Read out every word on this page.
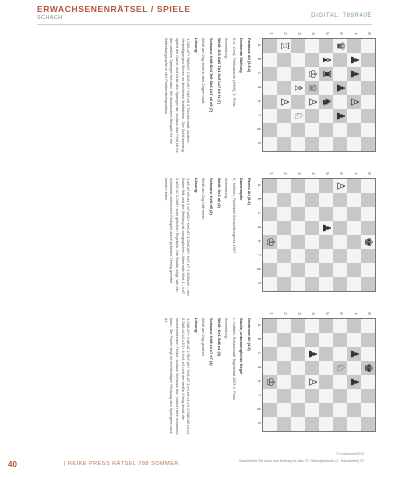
ERWACHSENENRÄTSEL / SPIELE
SCHACH	DIGITAL: 789R40E
8
7
6
5
4
3
2
1
♟
♟
♙
♛
♟
♟
♝
♜
♞
♔
♕
♙
♗
♘
♖
♙
a
b
c
d
e
f
g
h

Fantasie Ah (9.5.2)

Drohende Stellung

E.U. Cecil, Fehlvariante (1900), 2. Preis

Anmerkung:

Weiß: Kf1 Dd6 Tb4 Sc5 Lc7 b3 f4 (7)

Schwarz: Kd8 Dh4 Te8 Sb6 Lb7 c6 e5 (7)

Weiß am Zug setzt in drei Zügen matt.

Lösung:

1.Dd6-d7+ Sb6xd7 2.Sc5-e6+ Kd8-c8 3.Tb4-b8 matt. Andere Verteidigungen führen zu ähnlichen Mattbildern. Der Schlüsselzug opfert die Dame und lenkt den Springer ab, sodass das Feld e6 für den weißen Springer frei wird. Ein klassisches Beispiel für ein Ablenkungsopfer in der Problemkomposition.

8
7
6
5
4
3
2
1
♚
♙
♟
♔
a
b
c
d
e
f
g
h

Remis Ah (8.3)

Damenopfer

E. Mühlen, Fachblatt Schachkongress 1927

Anmerkung:

Weiß: Ke1 a6 (2)

Schwarz: Ke8 d5 (2)

Weiß am Zug hält remis.

Lösung:

1.a6-a7 d5-d4 2.a7-a8D+ Ke8-d7 3.Da8-d5+ Kd7-e7 4.Dd5xd4 – der Bauer fällt und die Stellung ist ausgeglichen. Alternativ führt 1...Kd7 2.a8D d4 3.Dd5+ zum gleichen Ergebnis. Die Studie zeigt, wie ein scheinbar verlorenes Endspiel durch präzises Timing gerettet werden kann.

8
7
6
5
4
3
2
1
♚
♟
♟
♘
♟
♙
♔
a
b
c
d
e
f
g
h

Gewinnst Ah (4.3)

Studie, unbezwinglicher Kegel

L. Kubbel, Schachmatt Tagesblatt 1925 1. Preis

Anmerkung:

Weiß: Ke1 Sd6 e4 (3)

Schwarz: Kd8 c4 c7 e7 (4)

Weiß am Zug gewinnt.

Lösung:

1.Sd6-b7+ Kd8-c8 2.Sb7-d6+ Kc8-d7 3.e4-e5 c4-c3 4.Sd6-b5 c3-c2 5.Sb5-d4 c2-c1D+ 6.Ke1-e2 und der weiße König deckt die entscheidenden Felder, sodass Schwarz den Vorteil nicht verwerten kann. Die Pointe liegt im rechtzeitigen Rückzug des Springers nach d4.

© Lektorum/2013
Beschließe Sie auch den Beitrag für das 75. Rätseljahrbuch (1. Hausbüttel) 37
40	| REIKE PRESS RÄTSEL 788 SOMMER
